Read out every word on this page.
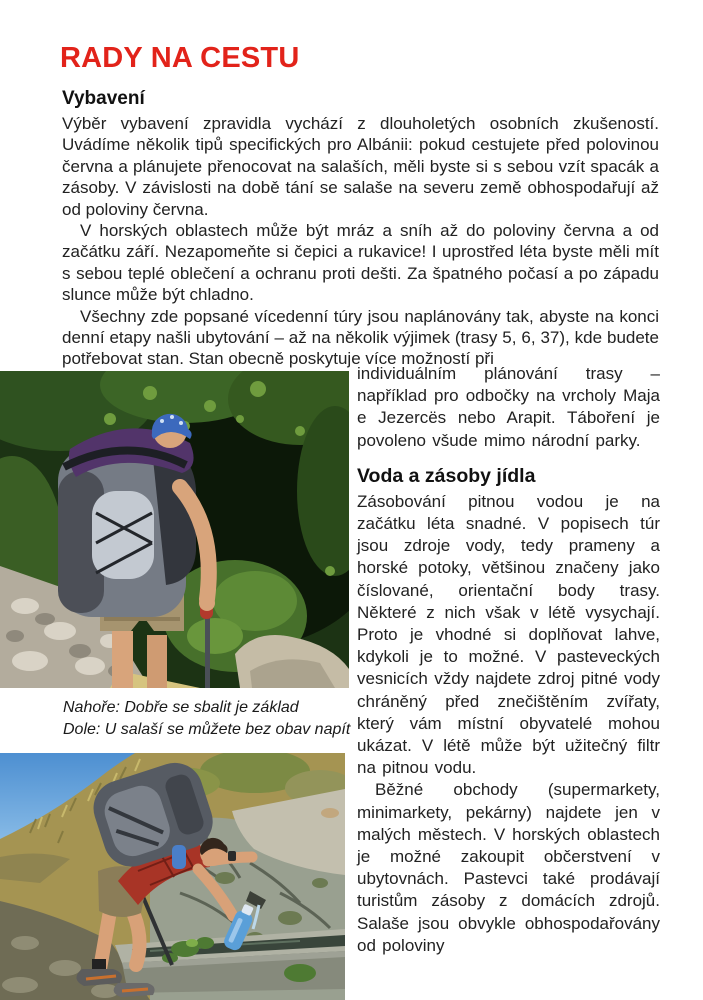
RADY NA CESTU
Vybavení

Výběr vybavení zpravidla vychází z dlouholetých osobních zkušeností. Uvádíme několik tipů specifických pro Albánii: pokud cestujete před polovinou června a plánujete přenocovat na salaších, měli byste si s sebou vzít spacák a zásoby. V závislosti na době tání se salaše na severu země obhospodařují až od poloviny června.

V horských oblastech může být mráz a sníh až do poloviny června a od začátku září. Nezapomeňte si čepici a rukavice! I uprostřed léta byste měli mít s sebou teplé oblečení a ochranu proti dešti. Za špatného počasí a po západu slunce může být chladno.

Všechny zde popsané vícedenní túry jsou naplánovány tak, abyste na konci denní etapy našli ubytování – až na několik výjimek (trasy 5, 6, 37), kde budete potřebovat stan. Stan obecně poskytuje více možností při

individuálním plánování trasy – například pro odbočky na vrcholy Maja e Jezercës nebo Arapit. Táboření je povoleno všude mimo národní parky.

Voda a zásoby jídla

Zásobování pitnou vodou je na začátku léta snadné. V popisech túr jsou zdroje vody, tedy prameny a horské potoky, většinou značeny jako číslované, orientační body trasy. Některé z nich však v létě vysychají. Proto je vhodné si doplňovat lahve, kdykoli je to možné. V pasteveckých vesnicích vždy najdete zdroj pitné vody chráněný před znečištěním zvířaty, který vám místní obyvatelé mohou ukázat. V létě může být užitečný filtr na pitnou vodu.

Běžné obchody (supermarkety, minimarkety, pekárny) najdete jen v malých městech. V horských oblastech je možné zakoupit občerstvení v ubytovnách. Pastevci také prodávají turistům zásoby z domácích zdrojů. Salaše jsou obvykle obhospodařovány od poloviny

Nahoře: Dobře se sbalit je základ
Dole: U salaší se můžete bez obav napít
